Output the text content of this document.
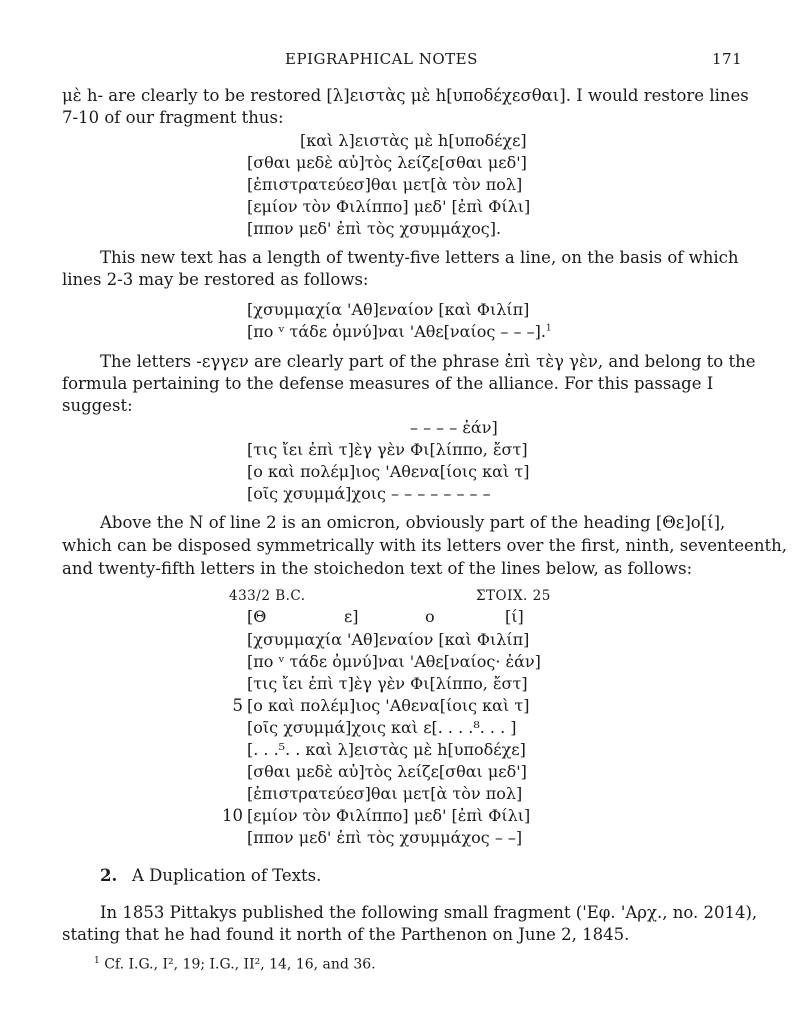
EPIGRAPHICAL NOTES	171
μὲ h- are clearly to be restored [λ]ειστὰς μὲ h[υποδέχεσθαι]. I would restore lines
7-10 of our fragment thus:
[καὶ λ]ειστὰς μὲ h[υποδέχε]
[σθαι μεδὲ αὐ]τὸς λείζε[σθαι μεδ']
[ἐπιστρατεύεσ]θαι μετ[ὰ τὸν πολ]
[εμίον τὸν Φιλίππο] μεδ' [ἐπὶ Φίλι]
[ππον μεδ' ἐπὶ τὸς χσυμμάχος].
This new text has a length of twenty-five letters a line, on the basis of which
lines 2-3 may be restored as follows:
[χσυμμαχία 'Αθ]εναίον [καὶ Φιλίπ]
[πο ᵛ τάδε ὀμνύ]ναι 'Αθε[ναίος – – –].$^1$
The letters -εγγεν are clearly part of the phrase ἐπὶ τὲγ γὲν, and belong to the
formula pertaining to the defense measures of the alliance. For this passage I
suggest:
– – – – ἐάν]
[τις ἴει ἐπὶ τ]ὲγ γὲν Φι[λίππο, ἔστ]
[ο καὶ πολέμ]ιος 'Αθενα[ίοις καὶ τ]
[οῖς χσυμμά]χοις – – – – – – – –
Above the N of line 2 is an omicron, obviously part of the heading [Θε]ο[ί],
which can be disposed symmetrically with its letters over the first, ninth, seventeenth,
and twenty-fifth letters in the stoichedon text of the lines below, as follows:
433/2 B.C.	ΣΤΟΙΧ. 25
[Θ	ε]	ο	[ί]
[χσυμμαχία 'Αθ]εναίον [καὶ Φιλίπ]
[πο ᵛ τάδε ὀμνύ]ναι 'Αθε[ναίος· ἐάν]
[τις ἴει ἐπὶ τ]ὲγ γὲν Φι[λίππο, ἔστ]
5 [ο καὶ πολέμ]ιος 'Αθενα[ίοις καὶ τ]
[οῖς χσυμμά]χοις καὶ ε[. . . .⁸. . . ]
[. . .⁵. . καὶ λ]ειστὰς μὲ h[υποδέχε]
[σθαι μεδὲ αὐ]τὸς λείζε[σθαι μεδ']
[ἐπιστρατεύεσ]θαι μετ[ὰ τὸν πολ]
10 [εμίον τὸν Φιλίππο] μεδ' [ἐπὶ Φίλι]
[ππον μεδ' ἐπὶ τὸς χσυμμάχος – –]
2. A Duplication of Texts.
In 1853 Pittakys published the following small fragment ('Εφ. 'Αρχ., no. 2014),
stating that he had found it north of the Parthenon on June 2, 1845.
$^1$ Cf. I.G., I², 19; I.G., II², 14, 16, and 36.
